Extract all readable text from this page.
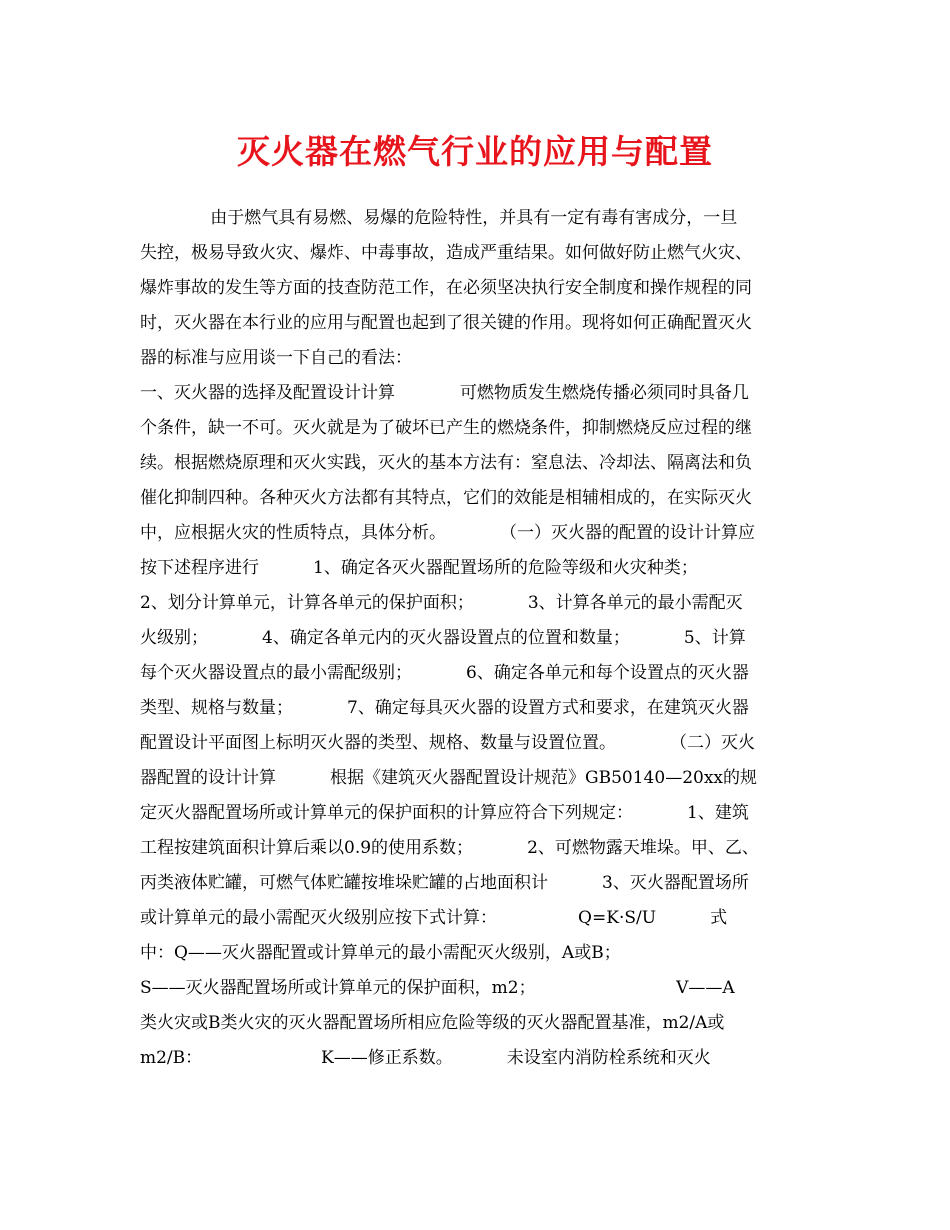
灭火器在燃气行业的应用与配置
由于燃气具有易燃、易爆的危险特性，并具有一定有毒有害成分，一旦
失控，极易导致火灾、爆炸、中毒事故，造成严重结果。如何做好防止燃气火灾、
爆炸事故的发生等方面的技查防范工作，在必须坚决执行安全制度和操作规程的同
时，灭火器在本行业的应用与配置也起到了很关键的作用。现将如何正确配置灭火
器的标准与应用谈一下自己的看法：
一、灭火器的选择及配置设计计算            可燃物质发生燃烧传播必须同时具备几
个条件，缺一不可。灭火就是为了破坏已产生的燃烧条件，抑制燃烧反应过程的继
续。根据燃烧原理和灭火实践，灭火的基本方法有：窒息法、冷却法、隔离法和负
催化抑制四种。各种灭火方法都有其特点，它们的效能是相辅相成的，在实际灭火
中，应根据火灾的性质特点，具体分析。          （一）灭火器的配置的设计计算应
按下述程序进行          1、确定各灭火器配置场所的危险等级和火灾种类；
2、划分计算单元，计算各单元的保护面积；          3、计算各单元的最小需配灭
火级别；          4、确定各单元内的灭火器设置点的位置和数量；          5、计算
每个灭火器设置点的最小需配级别；          6、确定各单元和每个设置点的灭火器
类型、规格与数量；          7、确定每具灭火器的设置方式和要求，在建筑灭火器
配置设计平面图上标明灭火器的类型、规格、数量与设置位置。          （二）灭火
器配置的设计计算          根据《建筑灭火器配置设计规范》GB50140—20xx的规
定灭火器配置场所或计算单元的保护面积的计算应符合下列规定：          1、建筑
工程按建筑面积计算后乘以0.9的使用系数；          2、可燃物露天堆垛。甲、乙、
丙类液体贮罐，可燃气体贮罐按堆垛贮罐的占地面积计          3、灭火器配置场所
或计算单元的最小需配灭火级别应按下式计算：               Q=K·S/U          式
中：Q——灭火器配置或计算单元的最小需配灭火级别，A或B；
S——灭火器配置场所或计算单元的保护面积，m2；                          V——A
类火灾或B类火灾的灭火器配置场所相应危险等级的灭火器配置基准，m2/A或
m2/B：                      K——修正系数。          未设室内消防栓系统和灭火
